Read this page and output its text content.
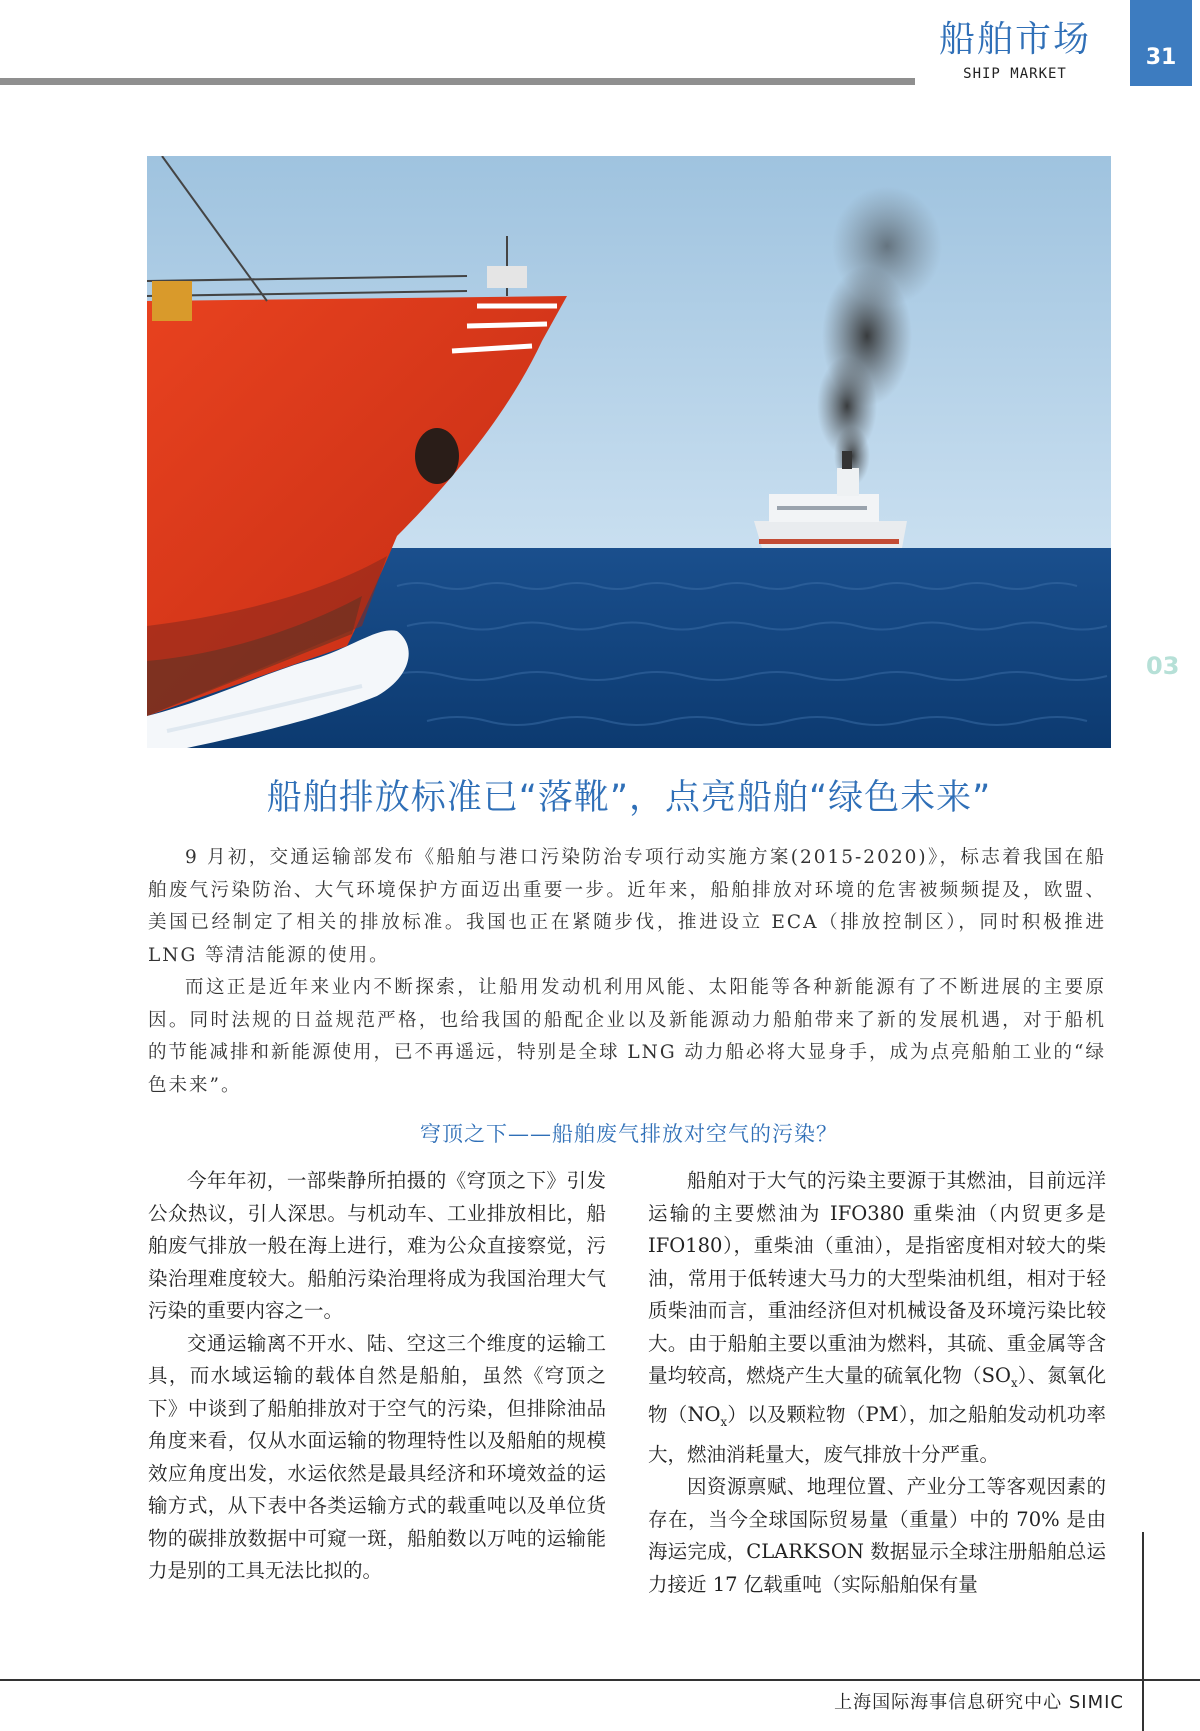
船舶市场
SHIP MARKET
31
03
船舶排放标准已“落靴”，点亮船舶“绿色未来”

9 月初，交通运输部发布《船舶与港口污染防治专项行动实施方案(2015-2020)》，标志着我国在船舶废气污染防治、大气环境保护方面迈出重要一步。近年来，船舶排放对环境的危害被频频提及，欧盟、美国已经制定了相关的排放标准。我国也正在紧随步伐，推进设立 ECA（排放控制区），同时积极推进 LNG 等清洁能源的使用。

而这正是近年来业内不断探索，让船用发动机利用风能、太阳能等各种新能源有了不断进展的主要原因。同时法规的日益规范严格，也给我国的船配企业以及新能源动力船舶带来了新的发展机遇，对于船机的节能减排和新能源使用，已不再遥远，特别是全球 LNG 动力船必将大显身手，成为点亮船舶工业的“绿色未来”。

穹顶之下——船舶废气排放对空气的污染？

今年年初，一部柴静所拍摄的《穹顶之下》引发公众热议，引人深思。与机动车、工业排放相比，船舶废气排放一般在海上进行，难为公众直接察觉，污染治理难度较大。船舶污染治理将成为我国治理大气污染的重要内容之一。

交通运输离不开水、陆、空这三个维度的运输工具，而水域运输的载体自然是船舶，虽然《穹顶之下》中谈到了船舶排放对于空气的污染，但排除油品角度来看，仅从水面运输的物理特性以及船舶的规模效应角度出发，水运依然是最具经济和环境效益的运输方式，从下表中各类运输方式的载重吨以及单位货物的碳排放数据中可窥一斑，船舶数以万吨的运输能力是别的工具无法比拟的。

船舶对于大气的污染主要源于其燃油，目前远洋运输的主要燃油为 IFO380 重柴油（内贸更多是 IFO180），重柴油（重油），是指密度相对较大的柴油，常用于低转速大马力的大型柴油机组，相对于轻质柴油而言，重油经济但对机械设备及环境污染比较大。由于船舶主要以重油为燃料，其硫、重金属等含量均较高，燃烧产生大量的硫氧化物$(SO_x)$、氮氧化物$(NO_x)$以及颗粒物（PM），加之船舶发动机功率大，燃油消耗量大，废气排放十分严重。

因资源禀赋、地理位置、产业分工等客观因素的存在，当今全球国际贸易量（重量）中的 70% 是由海运完成，CLARKSON 数据显示全球注册船舶总运力接近 17 亿载重吨（实际船舶保有量

上海国际海事信息研究中心 SIMIC
